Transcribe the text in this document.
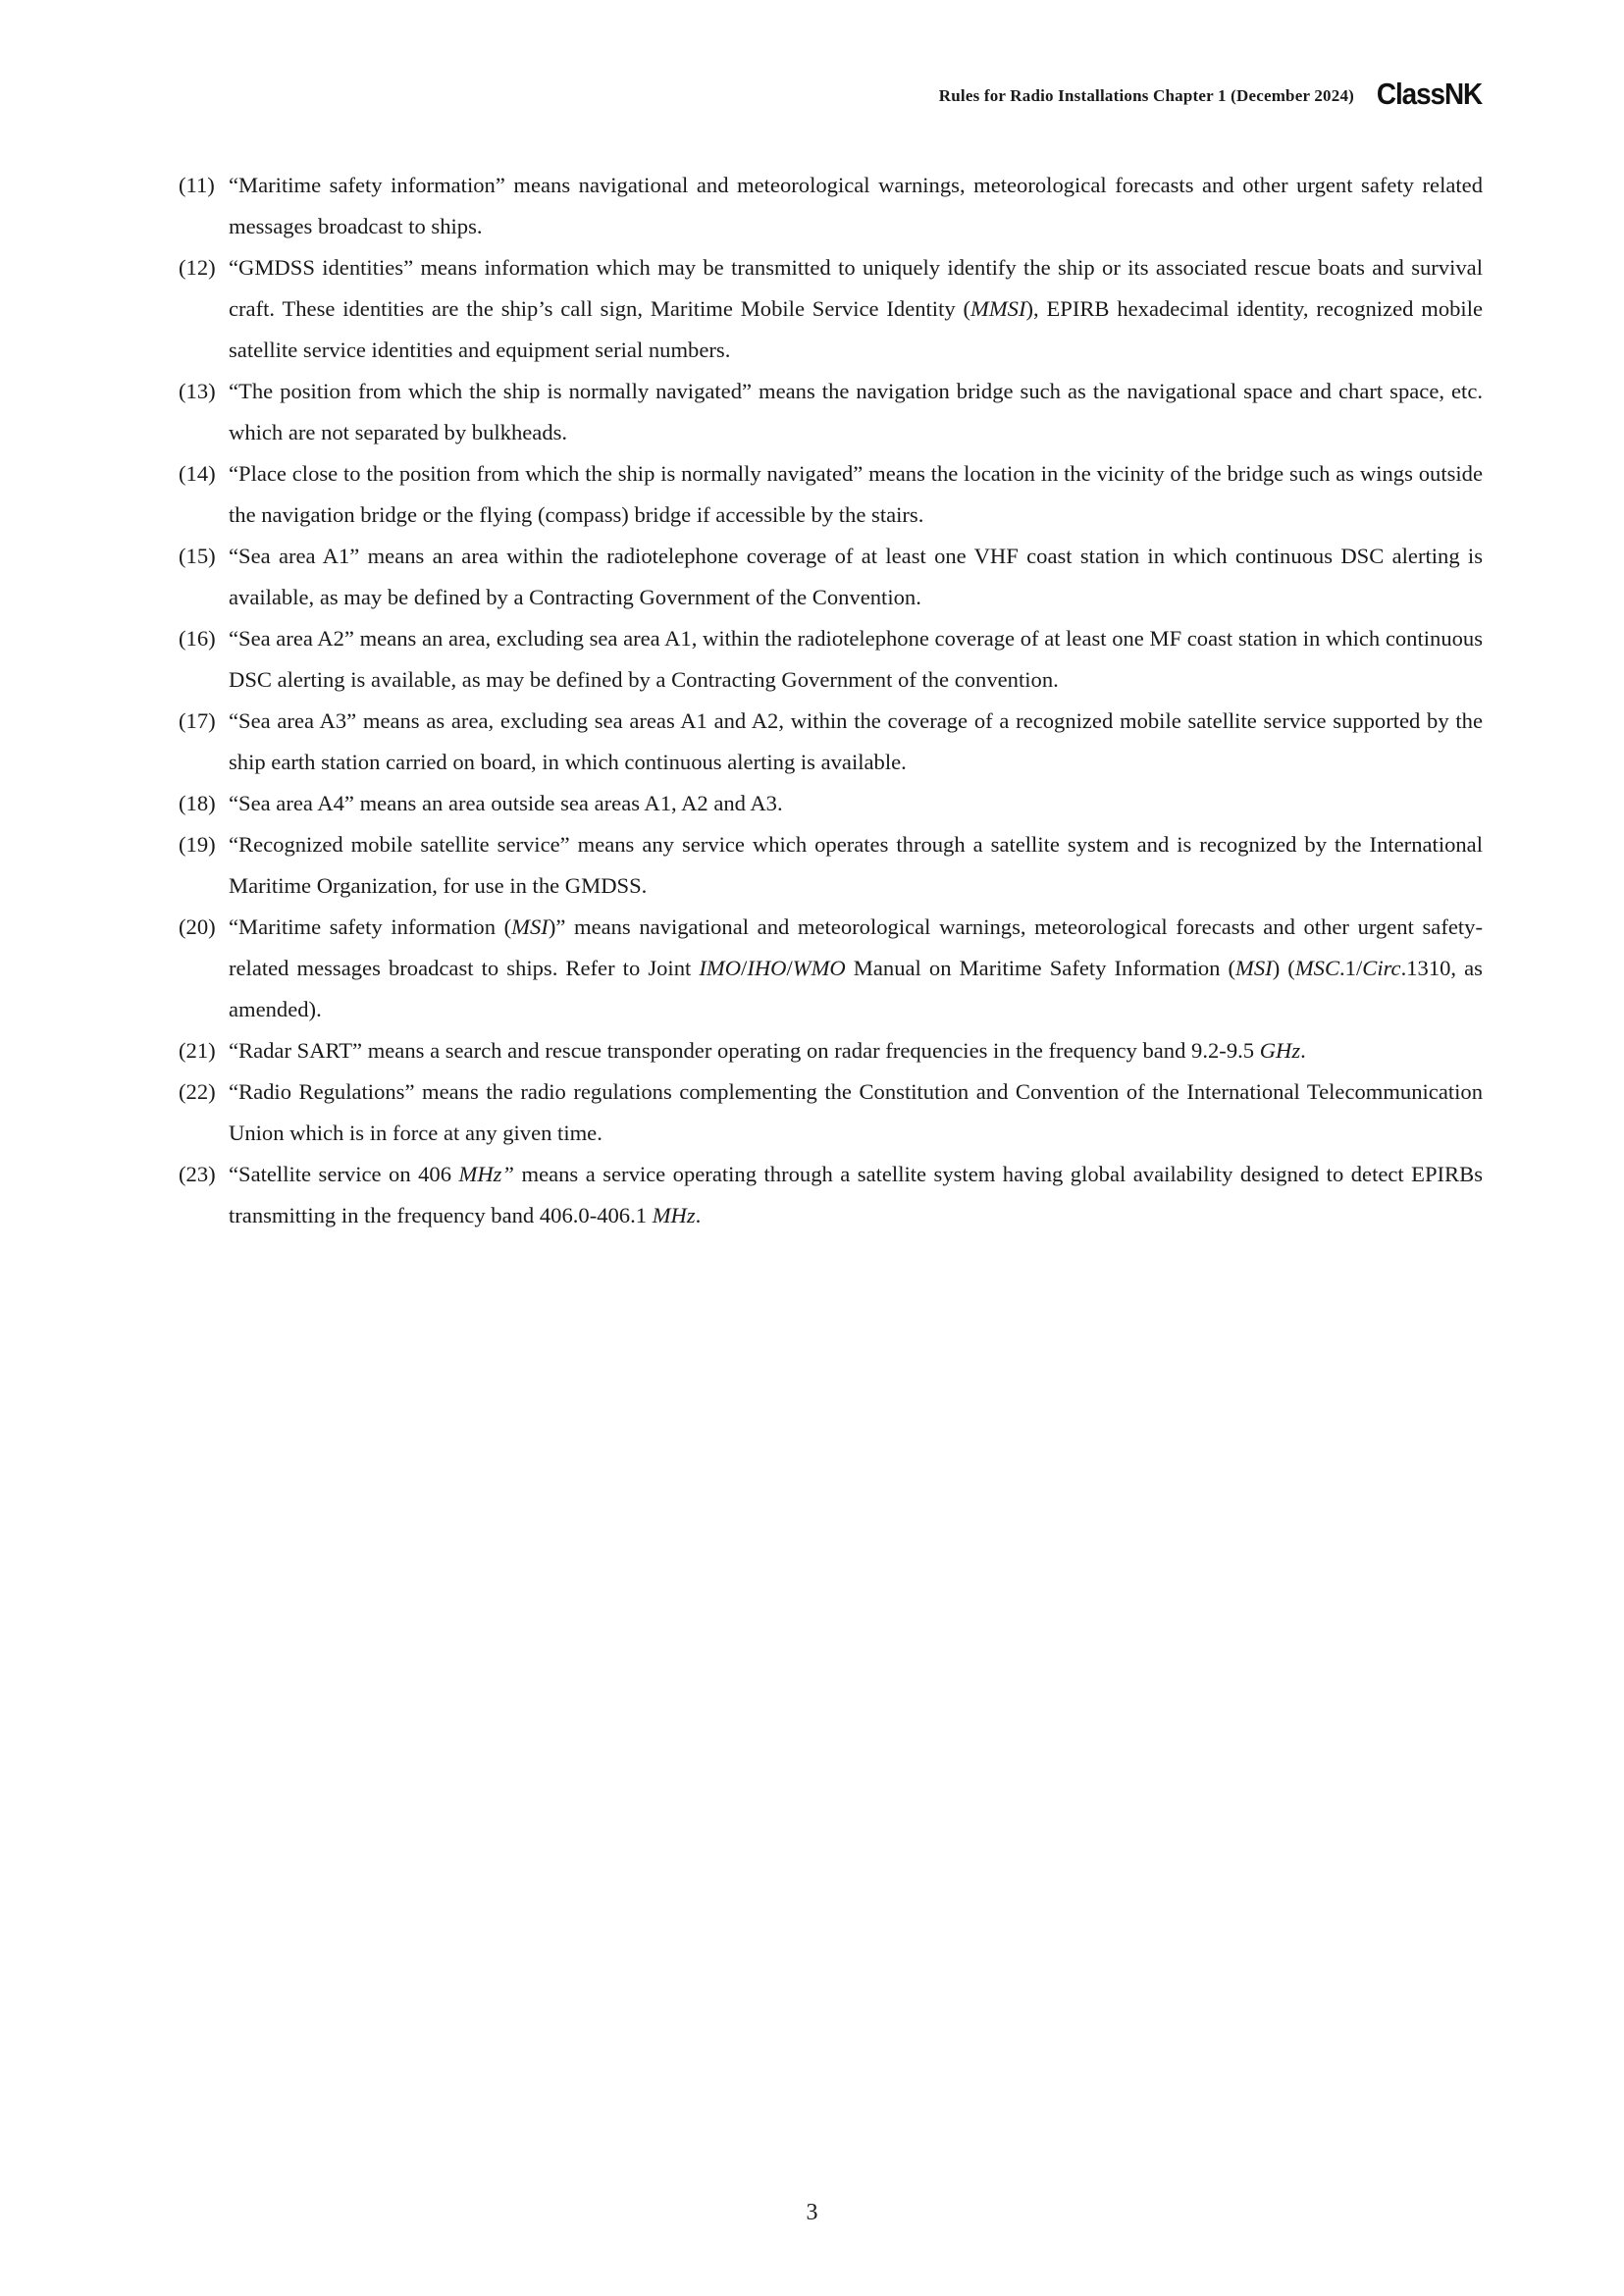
Rules for Radio Installations Chapter 1 (December 2024) ClassNK
(11) “Maritime safety information” means navigational and meteorological warnings, meteorological forecasts and other urgent safety related messages broadcast to ships.
(12) “GMDSS identities” means information which may be transmitted to uniquely identify the ship or its associated rescue boats and survival craft. These identities are the ship’s call sign, Maritime Mobile Service Identity (MMSI), EPIRB hexadecimal identity, recognized mobile satellite service identities and equipment serial numbers.
(13) “The position from which the ship is normally navigated” means the navigation bridge such as the navigational space and chart space, etc. which are not separated by bulkheads.
(14) “Place close to the position from which the ship is normally navigated” means the location in the vicinity of the bridge such as wings outside the navigation bridge or the flying (compass) bridge if accessible by the stairs.
(15) “Sea area A1” means an area within the radiotelephone coverage of at least one VHF coast station in which continuous DSC alerting is available, as may be defined by a Contracting Government of the Convention.
(16) “Sea area A2” means an area, excluding sea area A1, within the radiotelephone coverage of at least one MF coast station in which continuous DSC alerting is available, as may be defined by a Contracting Government of the convention.
(17) “Sea area A3” means as area, excluding sea areas A1 and A2, within the coverage of a recognized mobile satellite service supported by the ship earth station carried on board, in which continuous alerting is available.
(18) “Sea area A4” means an area outside sea areas A1, A2 and A3.
(19) “Recognized mobile satellite service” means any service which operates through a satellite system and is recognized by the International Maritime Organization, for use in the GMDSS.
(20) “Maritime safety information (MSI)” means navigational and meteorological warnings, meteorological forecasts and other urgent safety-related messages broadcast to ships. Refer to Joint IMO/IHO/WMO Manual on Maritime Safety Information (MSI) (MSC.1/Circ.1310, as amended).
(21) “Radar SART” means a search and rescue transponder operating on radar frequencies in the frequency band 9.2-9.5 GHz.
(22) “Radio Regulations” means the radio regulations complementing the Constitution and Convention of the International Telecommunication Union which is in force at any given time.
(23) “Satellite service on 406 MHz” means a service operating through a satellite system having global availability designed to detect EPIRBs transmitting in the frequency band 406.0-406.1 MHz.
3
